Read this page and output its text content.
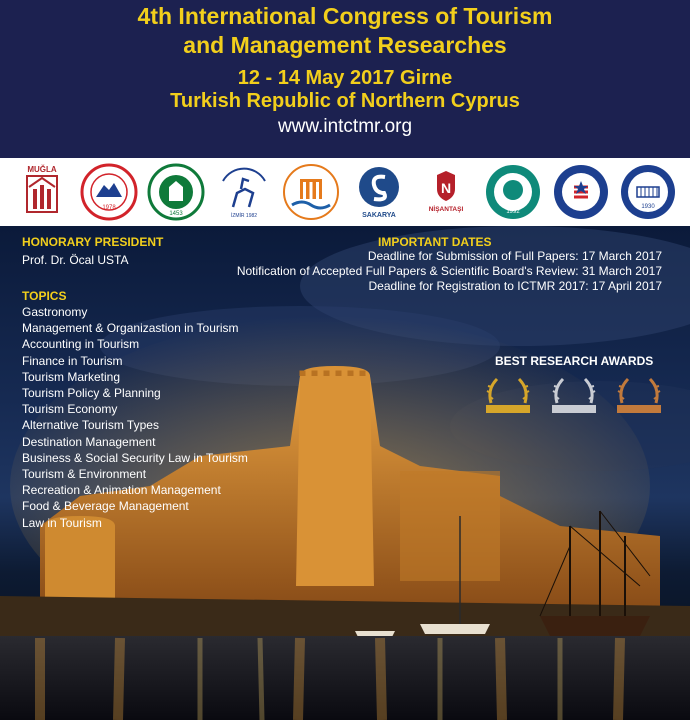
4th International Congress of Tourism

and Management Researches

12 - 14 May 2017 Girne

Turkish Republic of Northern Cyprus

www.intctmr.org

MUĞLA
1978
1453	İZMİR 1982	SAKARYA
N
NİŞANTAŞI	1992
1930

HONORARY PRESIDENT

Prof. Dr. Öcal USTA

IMPORTANT DATES

Deadline for Submission of Full Papers: 17 March 2017
Notification of Accepted Full Papers & Scientific Board's Review: 31 March 2017
Deadline for Registration to ICTMR 2017: 17 April 2017

TOPICS

Gastronomy
Management & Organizastion in Tourism
Accounting in Tourism
Finance in Tourism
Tourism Marketing
Tourism Policy & Planning
Tourism Economy
Alternative Tourism Types
Destination Management
Business & Social Security Law in Tourism
Tourism & Environment
Recreation & Animation Management
Food & Beverage Management
Law in Tourism
BEST RESEARCH AWARDS
